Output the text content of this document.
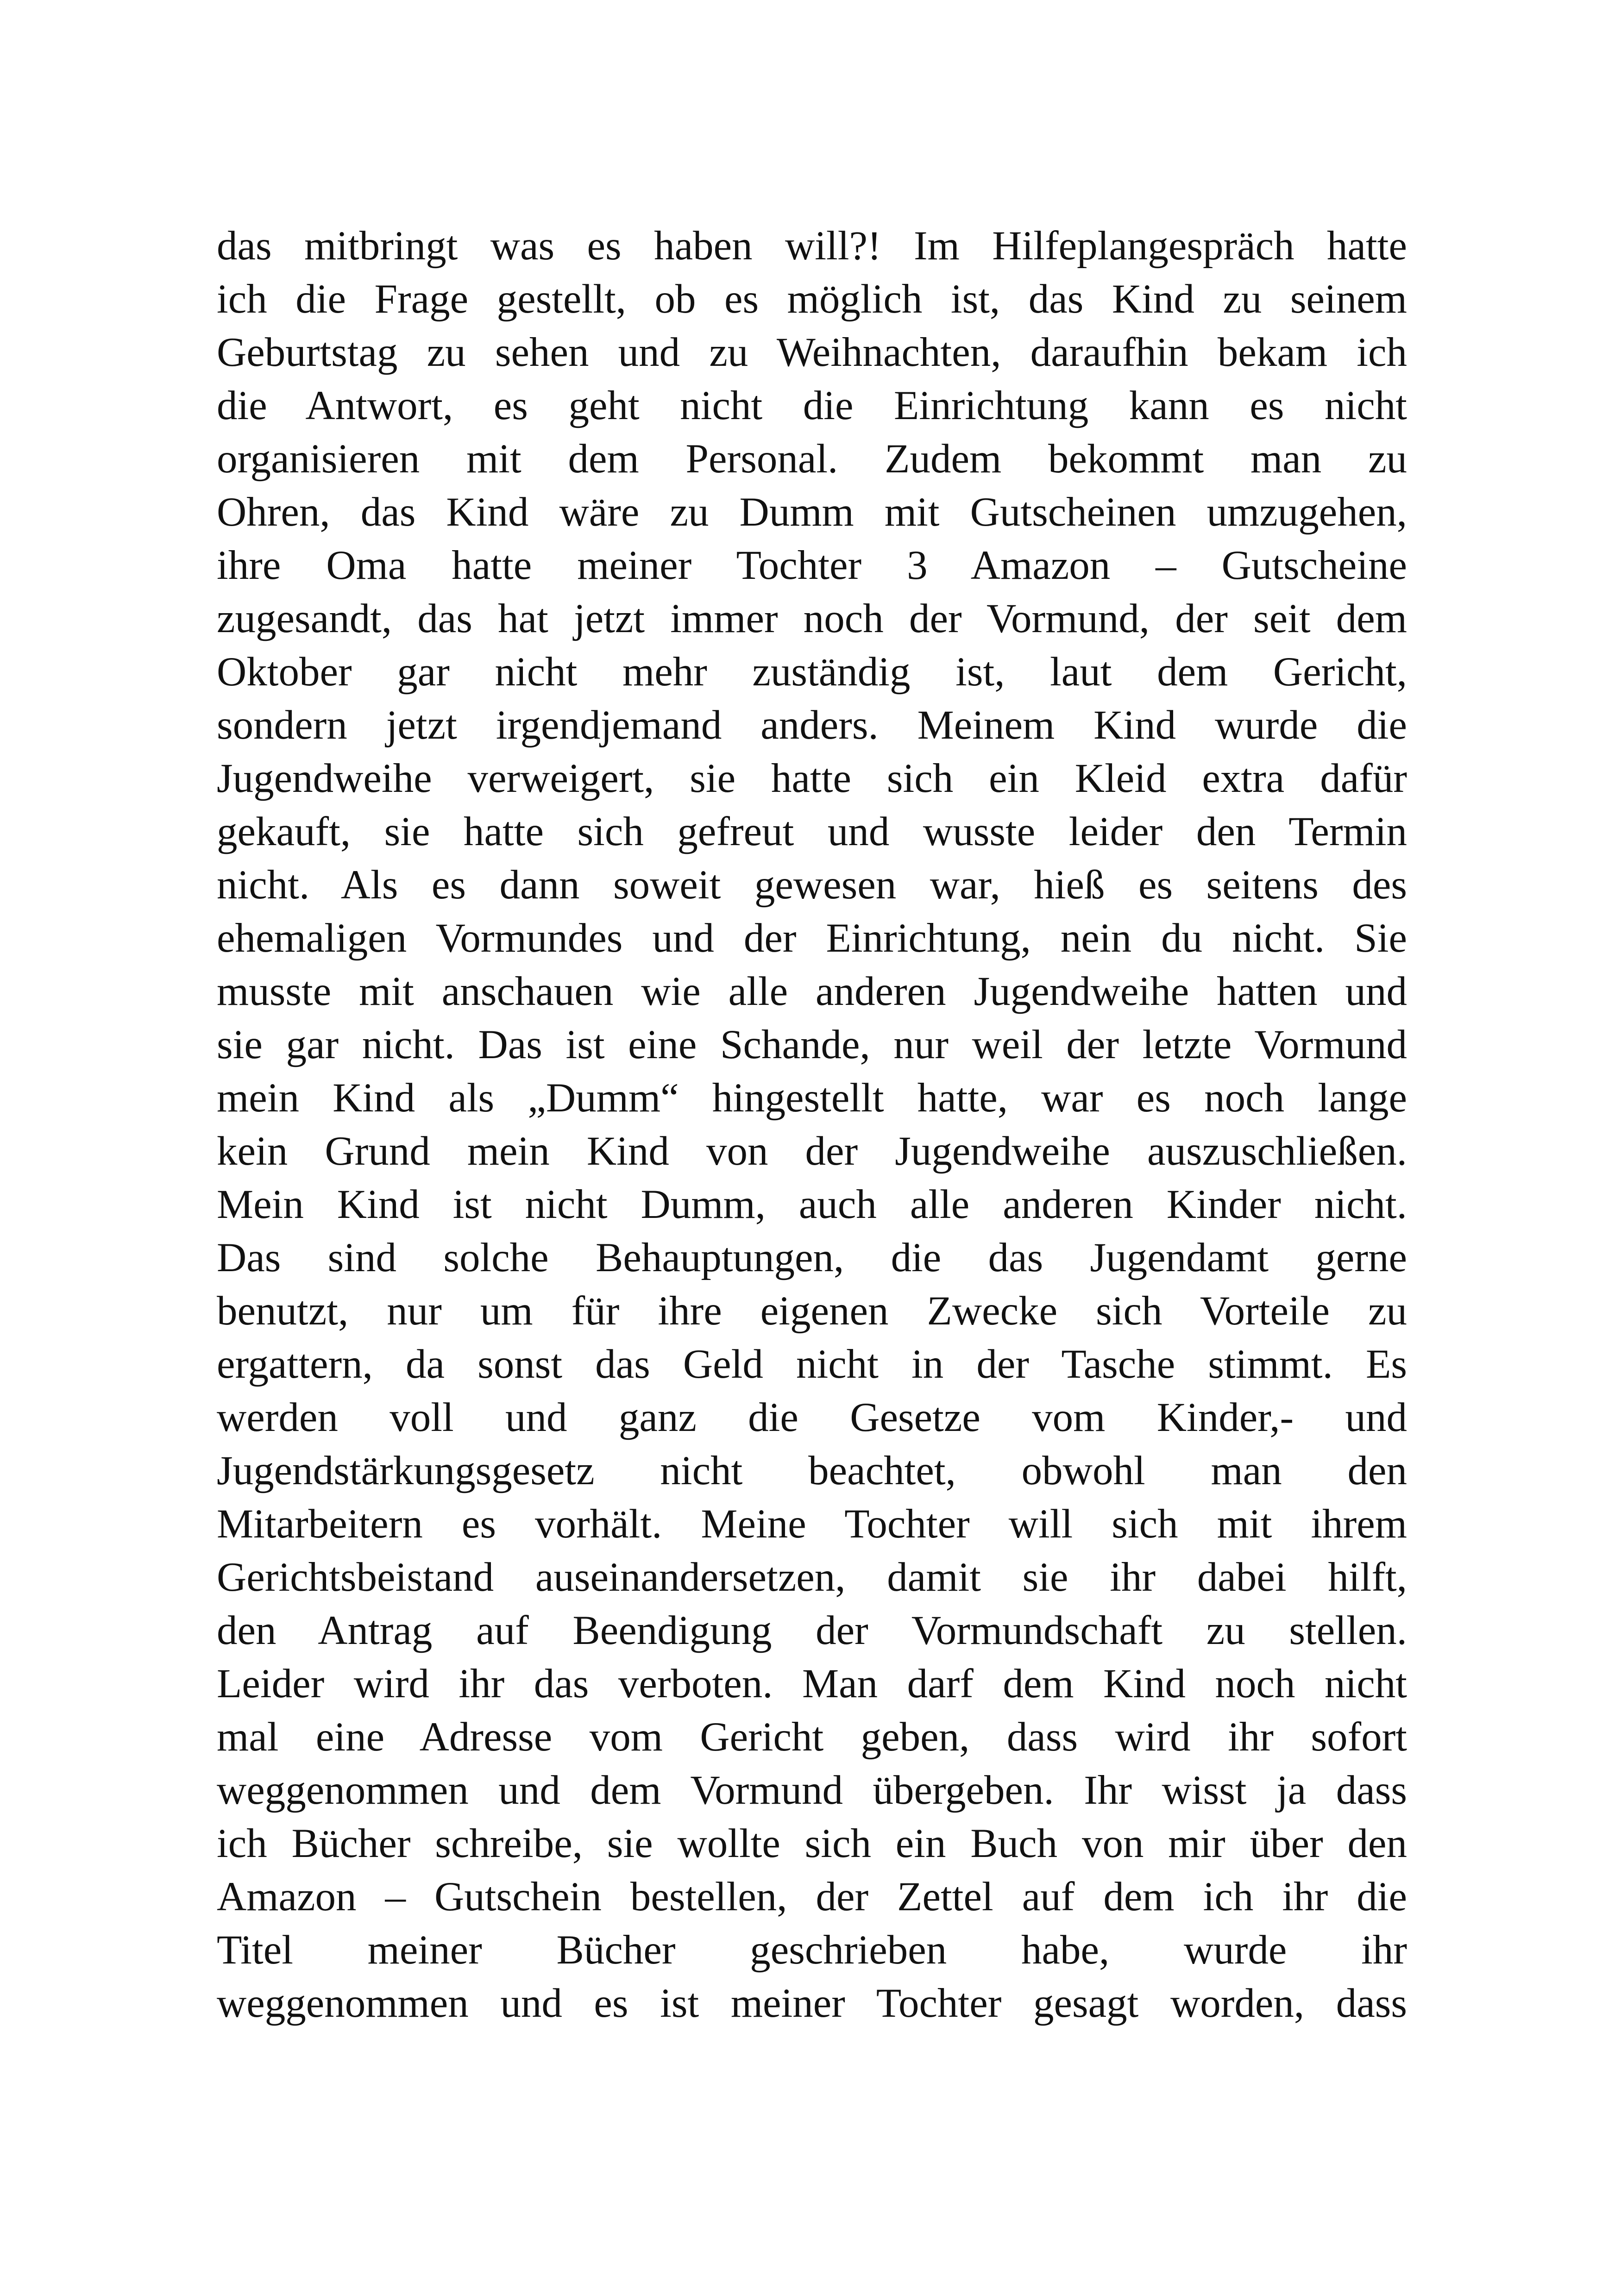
das mitbringt was es haben will?! Im Hilfeplangespräch hatte
ich die Frage gestellt, ob es möglich ist, das Kind zu seinem
Geburtstag zu sehen und zu Weihnachten, daraufhin bekam ich
die Antwort, es geht nicht die Einrichtung kann es nicht
organisieren mit dem Personal. Zudem bekommt man zu
Ohren, das Kind wäre zu Dumm mit Gutscheinen umzugehen,
ihre Oma hatte meiner Tochter 3 Amazon – Gutscheine
zugesandt, das hat jetzt immer noch der Vormund, der seit dem
Oktober gar nicht mehr zuständig ist, laut dem Gericht,
sondern jetzt irgendjemand anders. Meinem Kind wurde die
Jugendweihe verweigert, sie hatte sich ein Kleid extra dafür
gekauft, sie hatte sich gefreut und wusste leider den Termin
nicht. Als es dann soweit gewesen war, hieß es seitens des
ehemaligen Vormundes und der Einrichtung, nein du nicht. Sie
musste mit anschauen wie alle anderen Jugendweihe hatten und
sie gar nicht. Das ist eine Schande, nur weil der letzte Vormund
mein Kind als „Dumm“ hingestellt hatte, war es noch lange
kein Grund mein Kind von der Jugendweihe auszuschließen.
Mein Kind ist nicht Dumm, auch alle anderen Kinder nicht.
Das sind solche Behauptungen, die das Jugendamt gerne
benutzt, nur um für ihre eigenen Zwecke sich Vorteile zu
ergattern, da sonst das Geld nicht in der Tasche stimmt. Es
werden voll und ganz die Gesetze vom Kinder,- und
Jugendstärkungsgesetz nicht beachtet, obwohl man den
Mitarbeitern es vorhält. Meine Tochter will sich mit ihrem
Gerichtsbeistand auseinandersetzen, damit sie ihr dabei hilft,
den Antrag auf Beendigung der Vormundschaft zu stellen.
Leider wird ihr das verboten. Man darf dem Kind noch nicht
mal eine Adresse vom Gericht geben, dass wird ihr sofort
weggenommen und dem Vormund übergeben. Ihr wisst ja dass
ich Bücher schreibe, sie wollte sich ein Buch von mir über den
Amazon – Gutschein bestellen, der Zettel auf dem ich ihr die
Titel meiner Bücher geschrieben habe, wurde ihr
weggenommen und es ist meiner Tochter gesagt worden, dass
